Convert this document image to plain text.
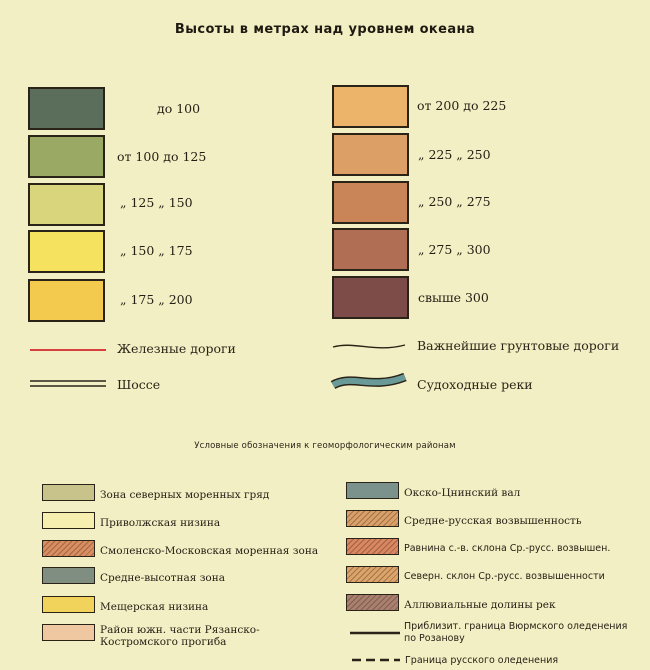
Высоты в метрах над уровнем океана
до 100
от 100 до 125
„ 125 „ 150
„ 150 „ 175
„ 175 „ 200
от 200 до 225
„ 225 „ 250
„ 250 „ 275
„ 275 „ 300
свыше 300
Железные дороги
Шоссе
Важнейшие грунтовые дороги
Судоходные реки
Условные обозначения к геоморфологическим районам
Зона северных моренных гряд
Приволжская низина
Смоленско-Московская моренная зона
Средне-высотная зона
Мещерская низина
Район южн. части Рязанско-Костромского прогиба
Окско-Цнинский вал
Средне-русская возвышенность
Равнина с.-в. склона Ср.-русс. возвышен.
Северн. склон Ср.-русс. возвышенности
Аллювиальные долины рек
Приблизит. граница Вюрмского оледенения по Розанову
Граница русского оледенения
